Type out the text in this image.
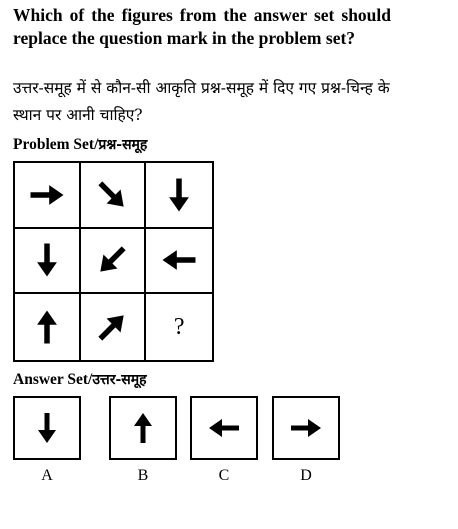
Which of the figures from the answer set should replace the question mark in the problem set?

उत्तर-समूह में से कौन-सी आकृति प्रश्न-समूह में दिए गए प्रश्न-चिन्ह के स्थान पर आनी चाहिए?

Problem Set/प्रश्न-समूह
?
Answer Set/उत्तर-समूह
A	B	C	D
